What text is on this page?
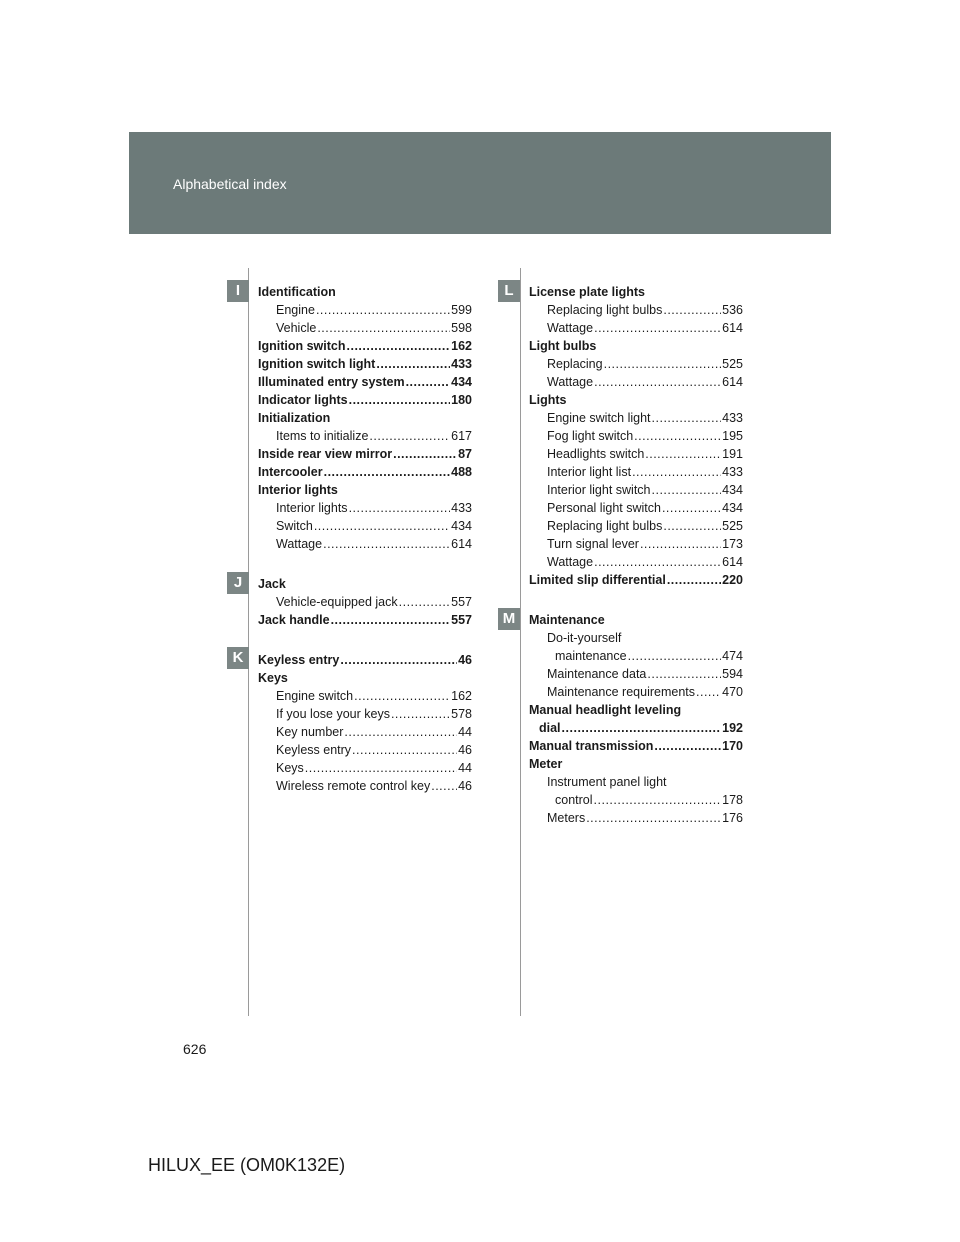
Alphabetical index
I
J
K
L
M
Identification
Engine .....	599
Vehicle .....	598
Ignition switch .....	162
Ignition switch light .....	433
Illuminated entry system .....	434
Indicator lights .....	180
Initialization
Items to initialize .....	617
Inside rear view mirror .....	87
Intercooler .....	488
Interior lights
Interior lights .....	433
Switch .....	434
Wattage .....	614
Jack
Vehicle-equipped jack .....	557
Jack handle .....	557
Keyless entry .....	46
Keys
Engine switch .....	162
If you lose your keys .....	578
Key number .....	44
Keyless entry .....	46
Keys .....	44
Wireless remote control key ..... 46
License plate lights
Replacing light bulbs .....	536
Wattage .....	614
Light bulbs
Replacing .....	525
Wattage .....	614
Lights
Engine switch light .....	433
Fog light switch .....	195
Headlights switch .....	191
Interior light list .....	433
Interior light switch .....	434
Personal light switch .....	434
Replacing light bulbs .....	525
Turn signal lever .....	173
Wattage .....	614
Limited slip differential .....	220
Maintenance
Do-it-yourself
maintenance .....	474
Maintenance data .....	594
Maintenance requirements ..... 470
Manual headlight leveling
dial .....	192
Manual transmission .....	170
Meter
Instrument panel light
control .....	178
Meters .....	176
626
HILUX_EE (OM0K132E)
